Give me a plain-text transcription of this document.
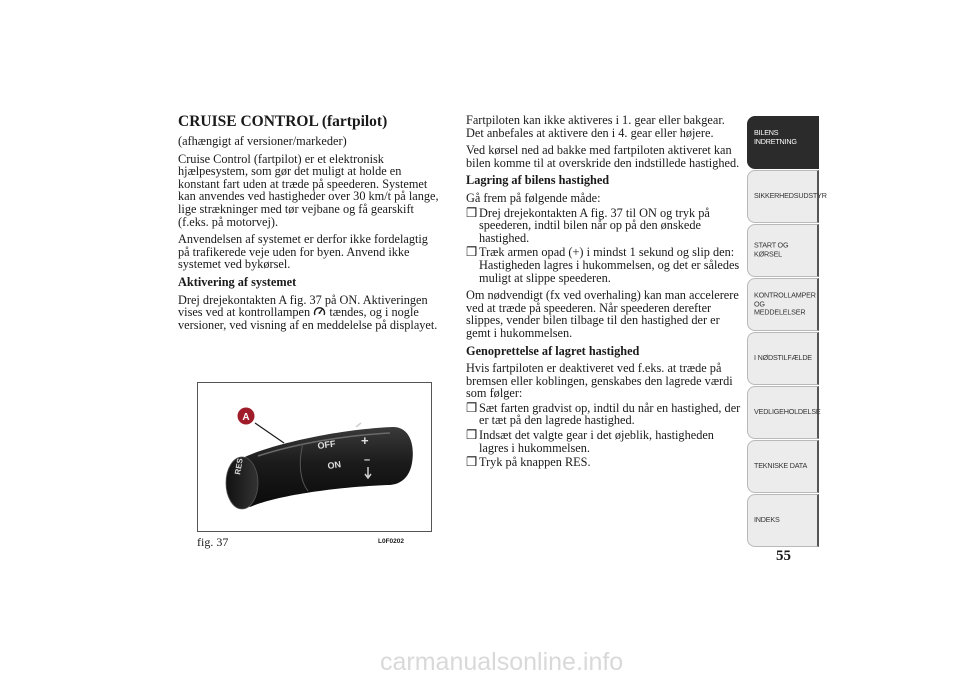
CRUISE CONTROL (fartpilot)

(afhængigt af versioner/markeder)

Cruise Control (fartpilot) er et elektronisk hjælpesystem, som gør det muligt at holde en konstant fart uden at træde på speederen. Systemet kan anvendes ved hastigheder over 30 km/t på lange, lige strækninger med tør vejbane og få gearskift (f.eks. på motorvej).

Anvendelsen af systemet er derfor ikke fordelagtig på trafikerede veje uden for byen. Anvend ikke systemet ved bykørsel.

Aktivering af systemet

Drej drejekontakten A fig. 37 på ON. Aktiveringen vises ved at kontrollampen tændes, og i nogle versioner, ved visning af en meddelelse på displayet.

RES
OFF
ON
+
–
A
fig. 37	L0F0202

Fartpiloten kan ikke aktiveres i 1. gear eller bakgear. Det anbefales at aktivere den i 4. gear eller højere.

Ved kørsel ned ad bakke med fartpiloten aktiveret kan bilen komme til at overskride den indstillede hastighed.

Lagring af bilens hastighed

Gå frem på følgende måde:

❒ Drej drejekontakten A fig. 37 til ON og tryk på speederen, indtil bilen når op på den ønskede hastighed.

❒ Træk armen opad (+) i mindst 1 sekund og slip den: Hastigheden lagres i hukommelsen, og det er således muligt at slippe speederen.

Om nødvendigt (fx ved overhaling) kan man accelerere ved at træde på speederen. Når speederen derefter slippes, vender bilen tilbage til den hastighed der er gemt i hukommelsen.

Genoprettelse af lagret hastighed

Hvis fartpiloten er deaktiveret ved f.eks. at træde på bremsen eller koblingen, genskabes den lagrede værdi som følger:

❒ Sæt farten gradvist op, indtil du når en hastighed, der er tæt på den lagrede hastighed.

❒ Indsæt det valgte gear i det øjeblik, hastigheden lagres i hukommelsen.

❒ Tryk på knappen RES.

BILENS INDRETNING
SIKKERHEDSUDSTYR
START OG KØRSEL
KONTROLLAMPER OG MEDDELELSER
I NØDSTILFÆLDE
VEDLIGEHOLDELSE
TEKNISKE DATA
INDEKS
55
carmanualsonline.info
